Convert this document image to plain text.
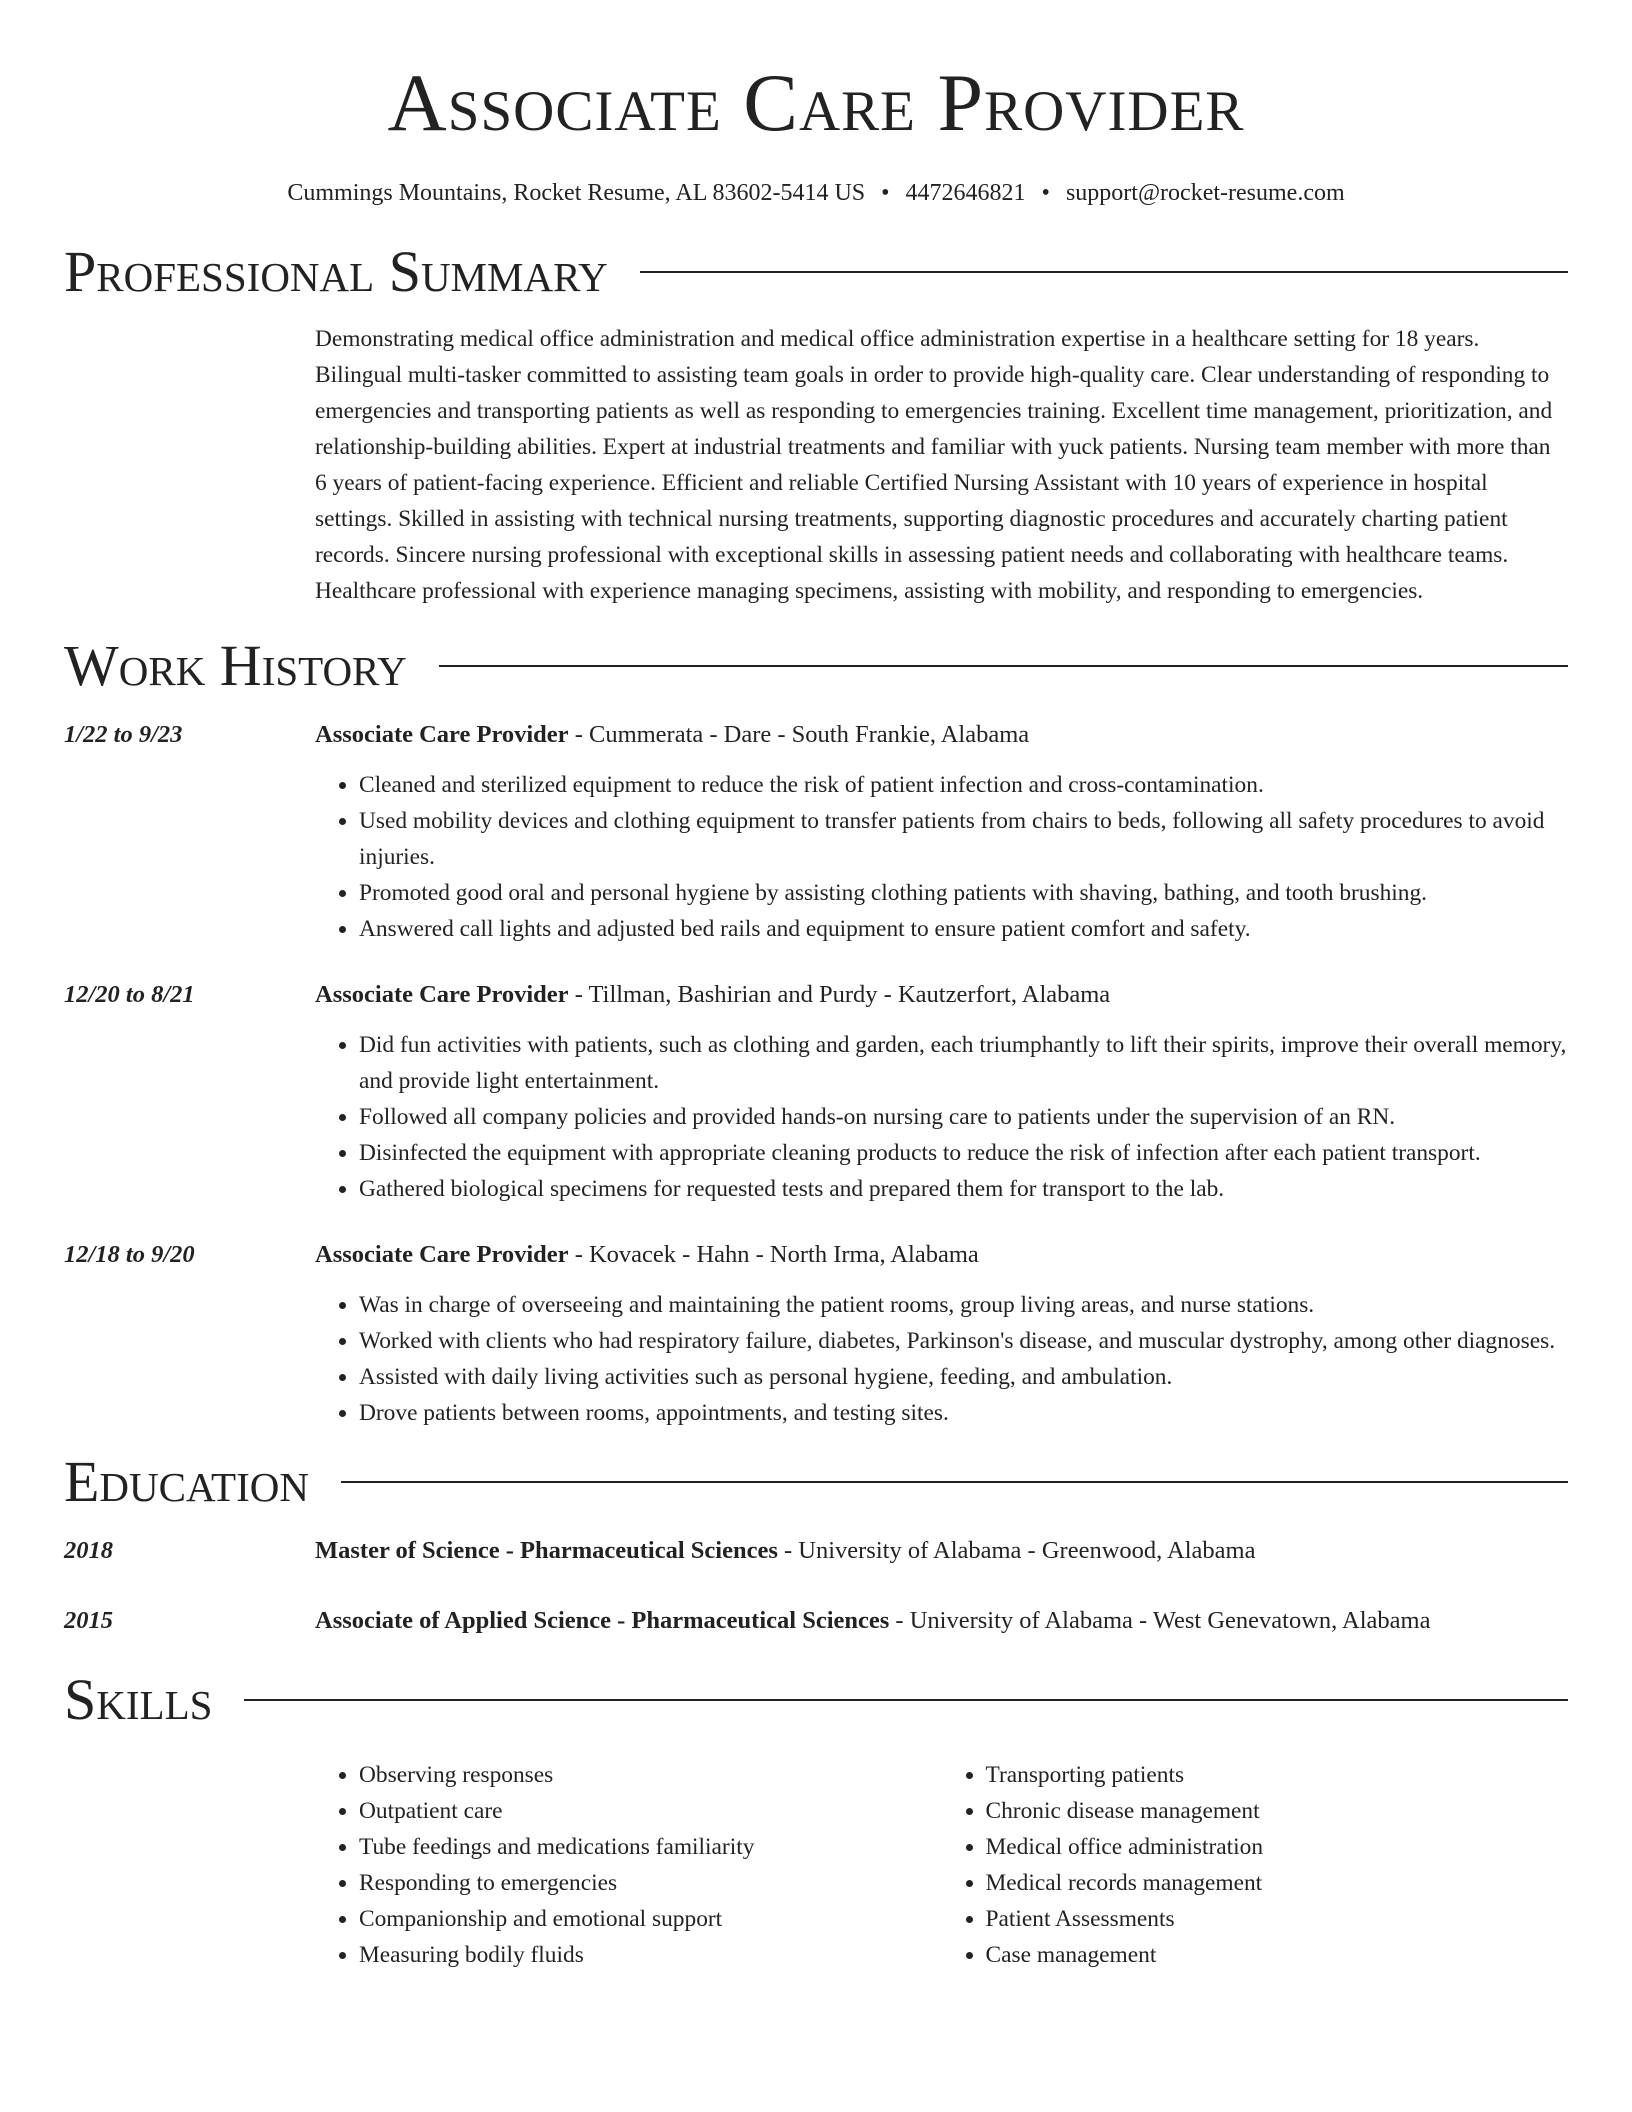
Associate Care Provider
Cummings Mountains, Rocket Resume, AL 83602-5414 US • 4472646821 • support@rocket-resume.com
Professional Summary
Demonstrating medical office administration and medical office administration expertise in a healthcare setting for 18 years. Bilingual multi-tasker committed to assisting team goals in order to provide high-quality care. Clear understanding of responding to emergencies and transporting patients as well as responding to emergencies training. Excellent time management, prioritization, and relationship-building abilities. Expert at industrial treatments and familiar with yuck patients. Nursing team member with more than 6 years of patient-facing experience. Efficient and reliable Certified Nursing Assistant with 10 years of experience in hospital settings. Skilled in assisting with technical nursing treatments, supporting diagnostic procedures and accurately charting patient records. Sincere nursing professional with exceptional skills in assessing patient needs and collaborating with healthcare teams. Healthcare professional with experience managing specimens, assisting with mobility, and responding to emergencies.
Work History
1/22 to 9/23	Associate Care Provider - Cummerata - Dare - South Frankie, Alabama
• Cleaned and sterilized equipment to reduce the risk of patient infection and cross-contamination.
• Used mobility devices and clothing equipment to transfer patients from chairs to beds, following all safety procedures to avoid injuries.
• Promoted good oral and personal hygiene by assisting clothing patients with shaving, bathing, and tooth brushing.
• Answered call lights and adjusted bed rails and equipment to ensure patient comfort and safety.
12/20 to 8/21	Associate Care Provider - Tillman, Bashirian and Purdy - Kautzerfort, Alabama
• Did fun activities with patients, such as clothing and garden, each triumphantly to lift their spirits, improve their overall memory, and provide light entertainment.
• Followed all company policies and provided hands-on nursing care to patients under the supervision of an RN.
• Disinfected the equipment with appropriate cleaning products to reduce the risk of infection after each patient transport.
• Gathered biological specimens for requested tests and prepared them for transport to the lab.
12/18 to 9/20	Associate Care Provider - Kovacek - Hahn - North Irma, Alabama
• Was in charge of overseeing and maintaining the patient rooms, group living areas, and nurse stations.
• Worked with clients who had respiratory failure, diabetes, Parkinson's disease, and muscular dystrophy, among other diagnoses.
• Assisted with daily living activities such as personal hygiene, feeding, and ambulation.
• Drove patients between rooms, appointments, and testing sites.
Education
2018	Master of Science - Pharmaceutical Sciences - University of Alabama - Greenwood, Alabama
2015	Associate of Applied Science - Pharmaceutical Sciences - University of Alabama - West Genevatown, Alabama
Skills
• Observing responses
• Outpatient care
• Tube feedings and medications familiarity
• Responding to emergencies
• Companionship and emotional support
• Measuring bodily fluids
• Transporting patients
• Chronic disease management
• Medical office administration
• Medical records management
• Patient Assessments
• Case management
